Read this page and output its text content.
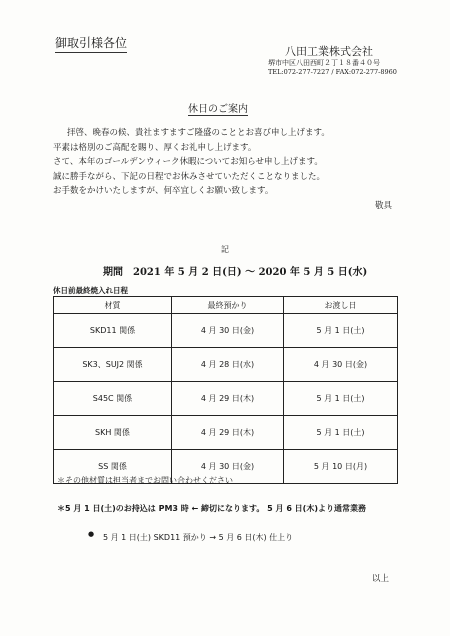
御取引様各位
八田工業株式会社
堺市中区八田西町２丁１８番４０号
TEL:072-277-7227 / FAX:072-277-8960
休日のご案内
拝啓、晩春の候、貴社ますますご隆盛のこととお喜び申し上げます。
平素は格別のご高配を賜り、厚くお礼申し上げます。
さて、本年のゴールデンウィーク休暇についてお知らせ申し上げます。
誠に勝手ながら、下記の日程でお休みさせていただくことなりました。
お手数をかけいたしますが、何卒宜しくお願い致します。
敬具
記
期間　2021 年 5 月 2 日(日) ～ 2020 年 5 月 5 日(水)
休日前最終焼入れ日程
材質	最終預かり	お渡し日
SKD11 関係	4 月 30 日(金)	5 月 1 日(土)
SK3、SUJ2 関係	4 月 28 日(水)	4 月 30 日(金)
S45C 関係	4 月 29 日(木)	5 月 1 日(土)
SKH 関係	4 月 29 日(木)	5 月 1 日(土)
SS 関係	4 月 30 日(金)	5 月 10 日(月)
＊その他材質は担当者までお問い合わせください
＊5 月 1 日(土)のお持込は PM3 時 ← 締切になります。 5 月 6 日(木)より通常業務
● 5 月 1 日(土) SKD11 預かり → 5 月 6 日(木) 仕上り
以上
